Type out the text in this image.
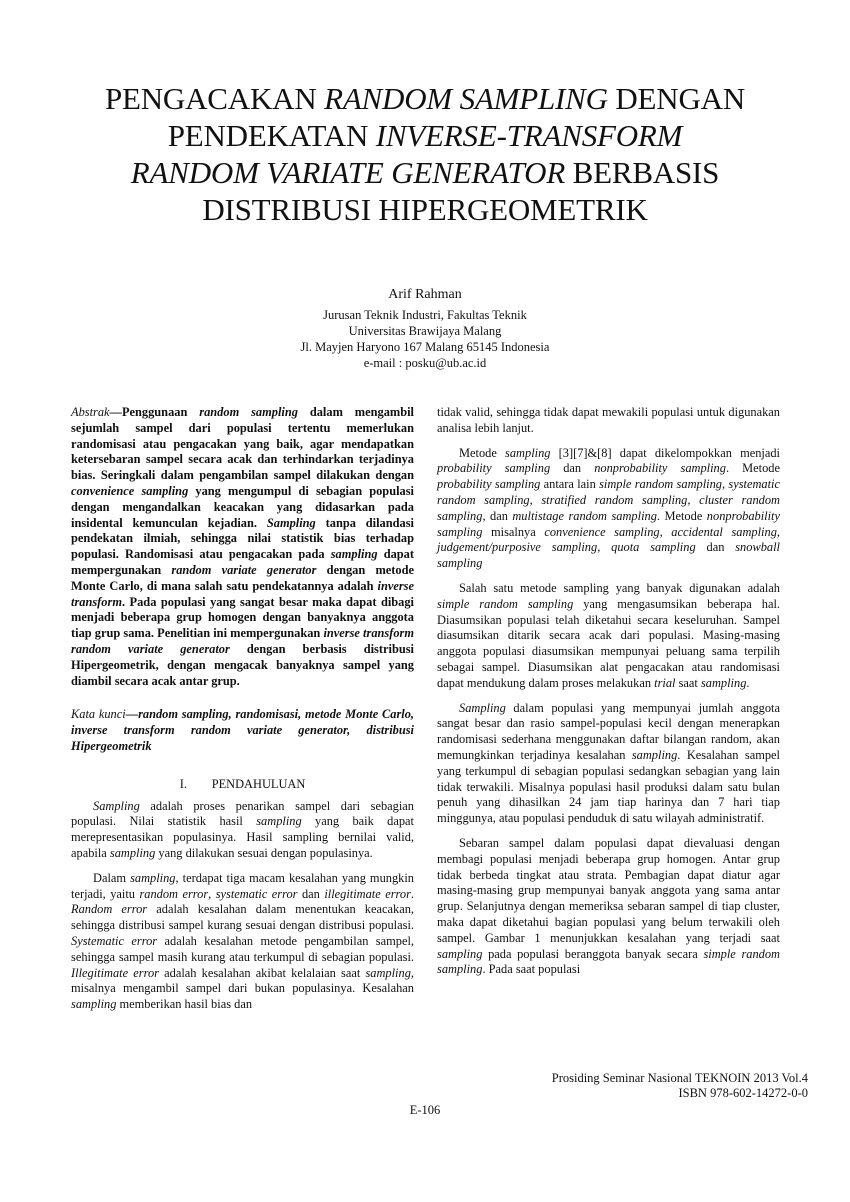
PENGACAKAN RANDOM SAMPLING DENGAN
PENDEKATAN INVERSE-TRANSFORM
RANDOM VARIATE GENERATOR BERBASIS
DISTRIBUSI HIPERGEOMETRIK
Arif Rahman
Jurusan Teknik Industri, Fakultas Teknik
Universitas Brawijaya Malang
Jl. Mayjen Haryono 167 Malang 65145 Indonesia
e-mail : posku@ub.ac.id

Abstrak—Penggunaan random sampling dalam mengambil sejumlah sampel dari populasi tertentu memerlukan randomisasi atau pengacakan yang baik, agar mendapatkan ketersebaran sampel secara acak dan terhindarkan terjadinya bias. Seringkali dalam pengambilan sampel dilakukan dengan convenience sampling yang mengumpul di sebagian populasi dengan mengandalkan keacakan yang didasarkan pada insidental kemunculan kejadian. Sampling tanpa dilandasi pendekatan ilmiah, sehingga nilai statistik bias terhadap populasi. Randomisasi atau pengacakan pada sampling dapat mempergunakan random variate generator dengan metode Monte Carlo, di mana salah satu pendekatannya adalah inverse transform. Pada populasi yang sangat besar maka dapat dibagi menjadi beberapa grup homogen dengan banyaknya anggota tiap grup sama. Penelitian ini mempergunakan inverse transform random variate generator dengan berbasis distribusi Hipergeometrik, dengan mengacak banyaknya sampel yang diambil secara acak antar grup.

Kata kunci—random sampling, randomisasi, metode Monte Carlo, inverse transform random variate generator, distribusi Hipergeometrik

I.  PENDAHULUAN

Sampling adalah proses penarikan sampel dari sebagian populasi. Nilai statistik hasil sampling yang baik dapat merepresentasikan populasinya. Hasil sampling bernilai valid, apabila sampling yang dilakukan sesuai dengan populasinya.

Dalam sampling, terdapat tiga macam kesalahan yang mungkin terjadi, yaitu random error, systematic error dan illegitimate error. Random error adalah kesalahan dalam menentukan keacakan, sehingga distribusi sampel kurang sesuai dengan distribusi populasi. Systematic error adalah kesalahan metode pengambilan sampel, sehingga sampel masih kurang atau terkumpul di sebagian populasi. Illegitimate error adalah kesalahan akibat kelalaian saat sampling, misalnya mengambil sampel dari bukan populasinya. Kesalahan sampling memberikan hasil bias dan

tidak valid, sehingga tidak dapat mewakili populasi untuk digunakan analisa lebih lanjut.

Metode sampling [3][7]&[8] dapat dikelompokkan menjadi probability sampling dan nonprobability sampling. Metode probability sampling antara lain simple random sampling, systematic random sampling, stratified random sampling, cluster random sampling, dan multistage random sampling. Metode nonprobability sampling misalnya convenience sampling, accidental sampling, judgement/purposive sampling, quota sampling dan snowball sampling

Salah satu metode sampling yang banyak digunakan adalah simple random sampling yang mengasumsikan beberapa hal. Diasumsikan populasi telah diketahui secara keseluruhan. Sampel diasumsikan ditarik secara acak dari populasi. Masing-masing anggota populasi diasumsikan mempunyai peluang sama terpilih sebagai sampel. Diasumsikan alat pengacakan atau randomisasi dapat mendukung dalam proses melakukan trial saat sampling.

Sampling dalam populasi yang mempunyai jumlah anggota sangat besar dan rasio sampel-populasi kecil dengan menerapkan randomisasi sederhana menggunakan daftar bilangan random, akan memungkinkan terjadinya kesalahan sampling. Kesalahan sampel yang terkumpul di sebagian populasi sedangkan sebagian yang lain tidak terwakili. Misalnya populasi hasil produksi dalam satu bulan penuh yang dihasilkan 24 jam tiap harinya dan 7 hari tiap minggunya, atau populasi penduduk di satu wilayah administratif.

Sebaran sampel dalam populasi dapat dievaluasi dengan membagi populasi menjadi beberapa grup homogen. Antar grup tidak berbeda tingkat atau strata. Pembagian dapat diatur agar masing-masing grup mempunyai banyak anggota yang sama antar grup. Selanjutnya dengan memeriksa sebaran sampel di tiap cluster, maka dapat diketahui bagian populasi yang belum terwakili oleh sampel. Gambar 1 menunjukkan kesalahan yang terjadi saat sampling pada populasi beranggota banyak secara simple random sampling. Pada saat populasi

Prosiding Seminar Nasional TEKNOIN 2013 Vol.4
ISBN 978-602-14272-0-0
E-106
